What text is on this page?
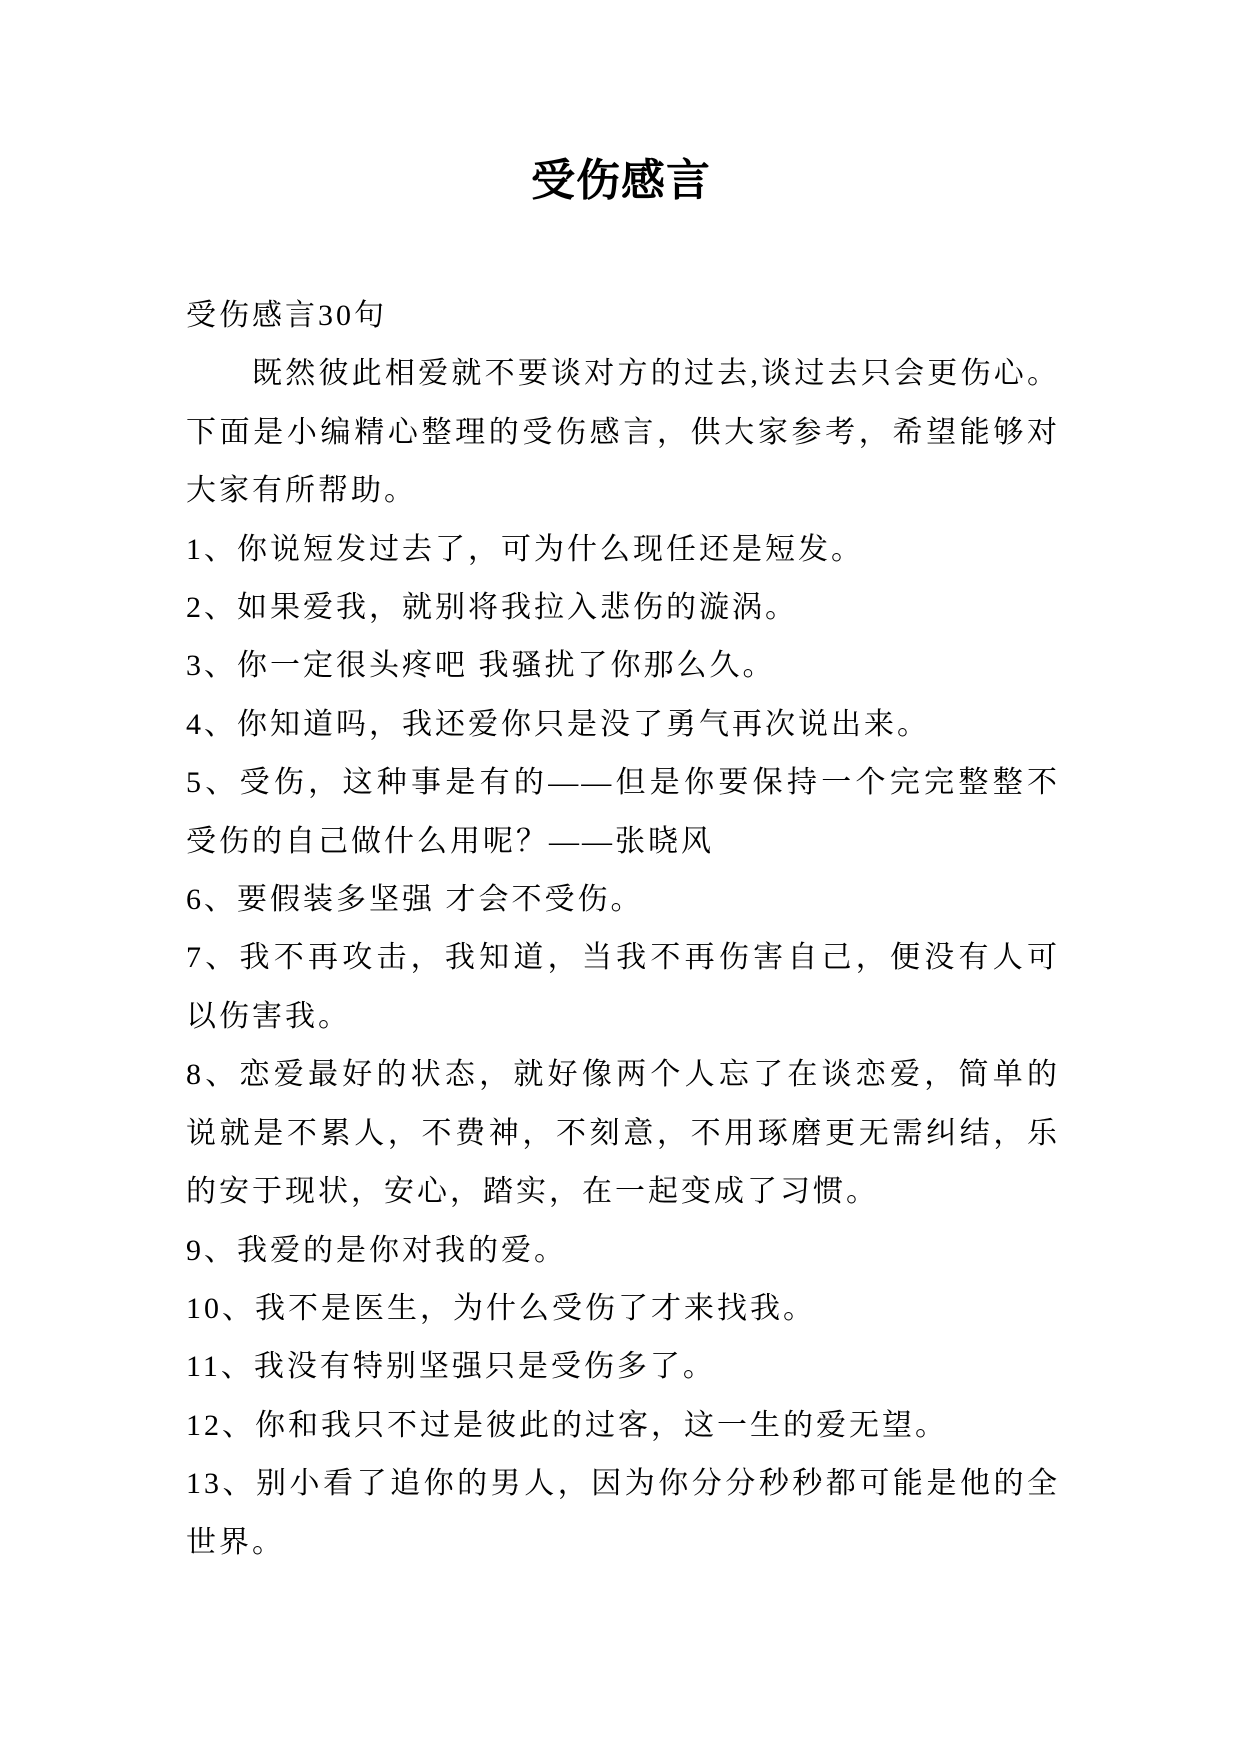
受伤感言

受伤感言30句

既然彼此相爱就不要谈对方的过去,谈过去只会更伤心。下面是小编精心整理的受伤感言，供大家参考，希望能够对大家有所帮助。

1、你说短发过去了，可为什么现任还是短发。

2、如果爱我，就别将我拉入悲伤的漩涡。

3、你一定很头疼吧 我骚扰了你那么久。

4、你知道吗，我还爱你只是没了勇气再次说出来。

5、受伤，这种事是有的——但是你要保持一个完完整整不受伤的自己做什么用呢？——张晓风

6、要假装多坚强 才会不受伤。

7、我不再攻击，我知道，当我不再伤害自己，便没有人可以伤害我。

8、恋爱最好的状态，就好像两个人忘了在谈恋爱，简单的说就是不累人，不费神，不刻意，不用琢磨更无需纠结，乐的安于现状，安心，踏实，在一起变成了习惯。

9、我爱的是你对我的爱。

10、我不是医生，为什么受伤了才来找我。

11、我没有特别坚强只是受伤多了。

12、你和我只不过是彼此的过客，这一生的爱无望。

13、别小看了追你的男人，因为你分分秒秒都可能是他的全世界。
